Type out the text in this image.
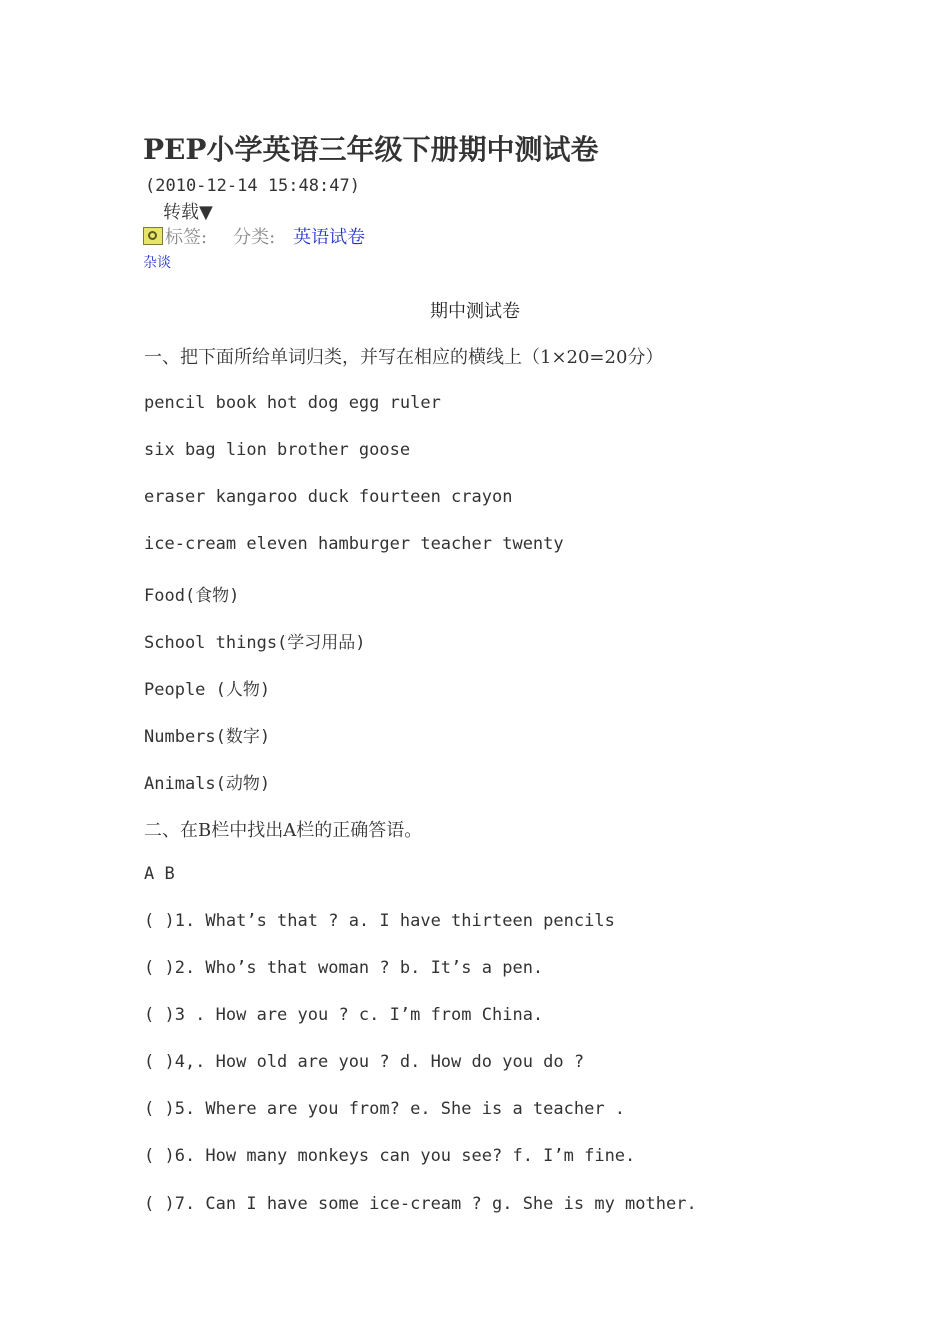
PEP小学英语三年级下册期中测试卷
(2010-12-14 15:48:47)
转载▼
标签: 分类: 英语试卷
杂谈
期中测试卷
一、把下面所给单词归类，并写在相应的横线上（1×20=20分）
pencil book hot dog egg ruler
six bag lion brother goose
eraser kangaroo duck fourteen crayon
ice-cream eleven hamburger teacher twenty
Food(食物)
School things(学习用品)
People (人物)
Numbers(数字)
Animals(动物)
二、在B栏中找出A栏的正确答语。
A B
( )1. What’s that ? a. I have thirteen pencils
( )2. Who’s that woman ? b. It’s a pen.
( )3 . How are you ? c. I’m from China.
( )4,. How old are you ? d. How do you do ?
( )5. Where are you from? e. She is a teacher .
( )6. How many monkeys can you see? f. I’m fine.
( )7. Can I have some ice-cream ? g. She is my mother.
